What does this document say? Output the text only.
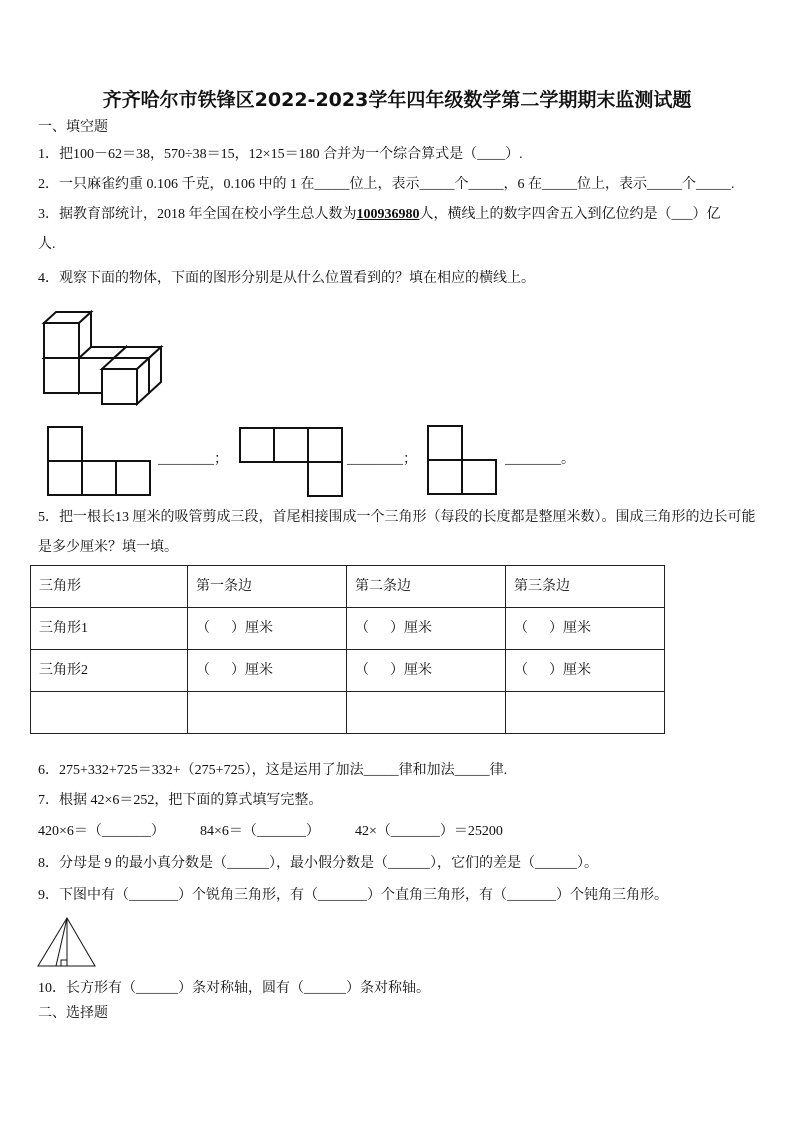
齐齐哈尔市铁锋区2022-2023学年四年级数学第二学期期末监测试题
一、填空题
1．把100－62＝38，570÷38＝15，12×15＝180 合并为一个综合算式是（____）.
2．一只麻雀约重 0.106 千克，0.106 中的 1 在_____位上，表示_____个_____，6 在_____位上，表示_____个_____.
3．据教育部统计，2018 年全国在校小学生总人数为100936980人，横线上的数字四舍五入到亿位约是（___）亿
人.
4．观察下面的物体，下面的图形分别是从什么位置看到的？填在相应的横线上。
________；	________；	________。
5．把一根长13 厘米的吸管剪成三段，首尾相接围成一个三角形（每段的长度都是整厘米数）。围成三角形的边长可能
是多少厘米？填一填。
三角形	第一条边	第二条边	第三条边
三角形1	（      ）厘米	（      ）厘米	（      ）厘米
三角形2	（      ）厘米	（      ）厘米	（      ）厘米

6．275+332+725＝332+（275+725），这是运用了加法_____律和加法_____律.
7．根据 42×6＝252，把下面的算式填写完整。
420×6＝（_______）	84×6＝（_______）	42×（_______）＝25200
8．分母是 9 的最小真分数是（______），最小假分数是（______），它们的差是（______）。
9．下图中有（_______）个锐角三角形，有（_______）个直角三角形，有（_______）个钝角三角形。
10．长方形有（______）条对称轴，圆有（______）条对称轴。
二、选择题
